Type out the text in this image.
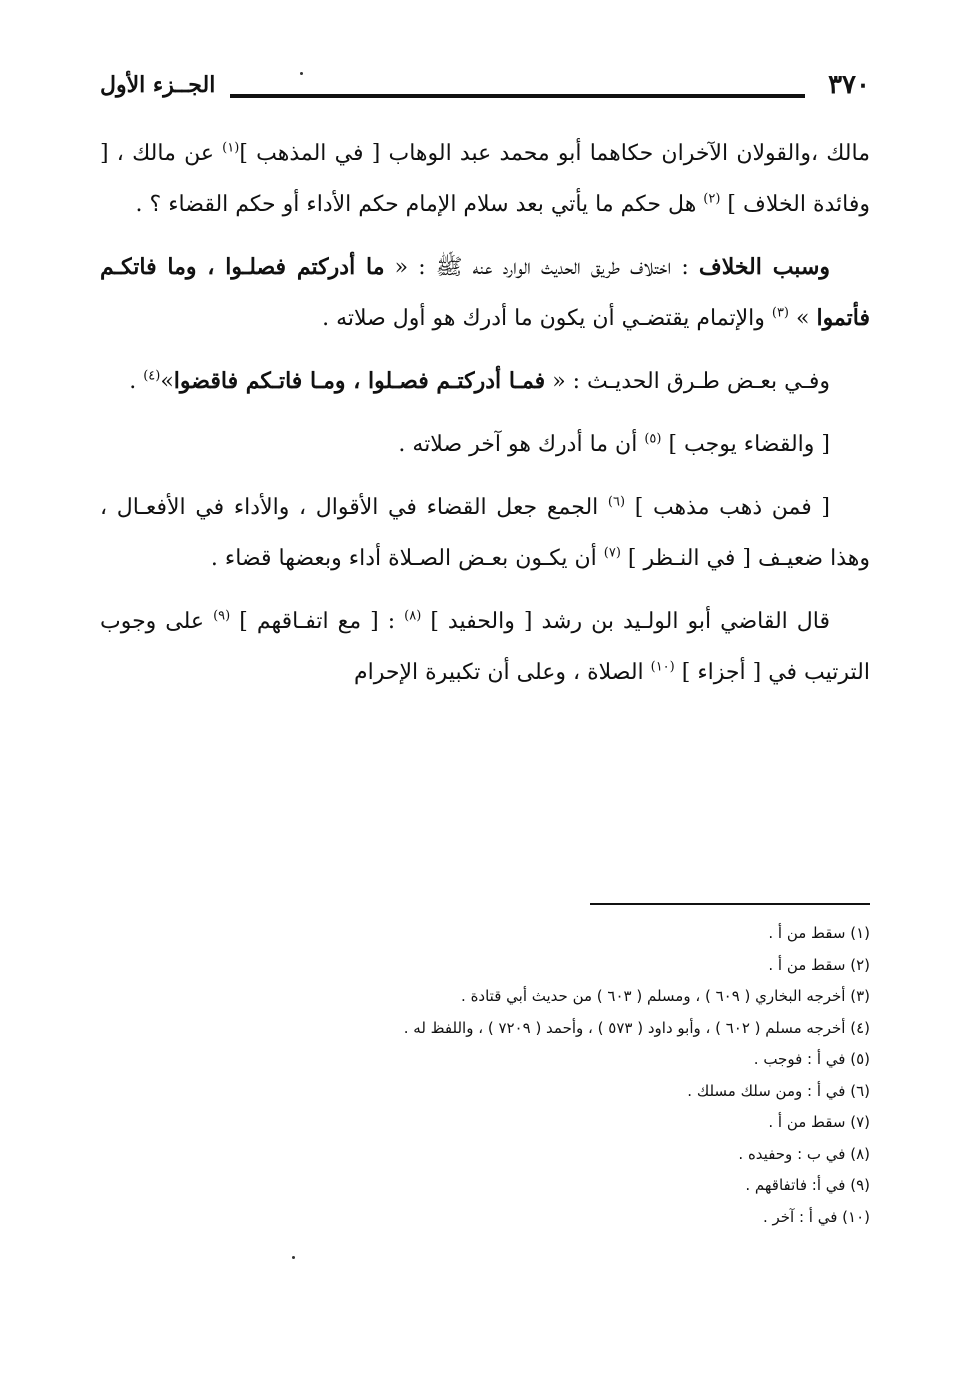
٣٧٠
الجــزء الأول

مالك ،والقولان الآخران حكاهما أبو محمد عبد الوهاب [ في المذهب ]$^{(١)}$ عن مالك ، [ وفائدة الخلاف ] $^{(٢)}$ هل حكم ما يأتي بعد سلام الإمام حكم الأداء أو حكم القضاء ؟ .

وسبب الخلاف : اختلاف طريق الحديث الوارد عنه ﷺ : « ما أدركتم فصلـوا ، وما فاتكـم فأتموا » $^{(٣)}$ والإتمام يقتضـي أن يكون ما أدرك هو أول صلاته .

وفـي بعـض طـرق الحديـث : « فمـا أدركتـم فصـلوا ، ومـا فاتـكم فاقضوا»$^{(٤)}$ .

[ والقضاء يوجب ] $^{(٥)}$ أن ما أدرك هو آخر صلاته .

[ فمن ذهب مذهب ] $^{(٦)}$ الجمع جعل القضاء في الأقوال ، والأداء في الأفعـال ، وهذا ضعيـف [ في النـظر ] $^{(٧)}$ أن يكـون بعـض الصـلاة أداء وبعضها قضاء .

قال القاضي أبو الولـيد بن رشد [ والحفيد ] $^{(٨)}$ : [ مع اتفـاقهم ] $^{(٩)}$ على وجوب الترتيب في [ أجزاء ] $^{(١٠)}$ الصلاة ، وعلى أن تكبيرة الإحرام

(١) سقط من أ .
(٢) سقط من أ .
(٣) أخرجه البخاري ( ٦٠٩ ) ، ومسلم ( ٦٠٣ ) من حديث أبي قتادة .
(٤) أخرجه مسلم ( ٦٠٢ ) ، وأبو داود ( ٥٧٣ ) ، وأحمد ( ٧٢٠٩ ) ، واللفظ له .
(٥) في أ : فوجب .
(٦) في أ : ومن سلك مسلك .
(٧) سقط من أ .
(٨) في ب : وحفيده .
(٩) في أ: فاتفاقهم .
(١٠) في أ : آخر .
